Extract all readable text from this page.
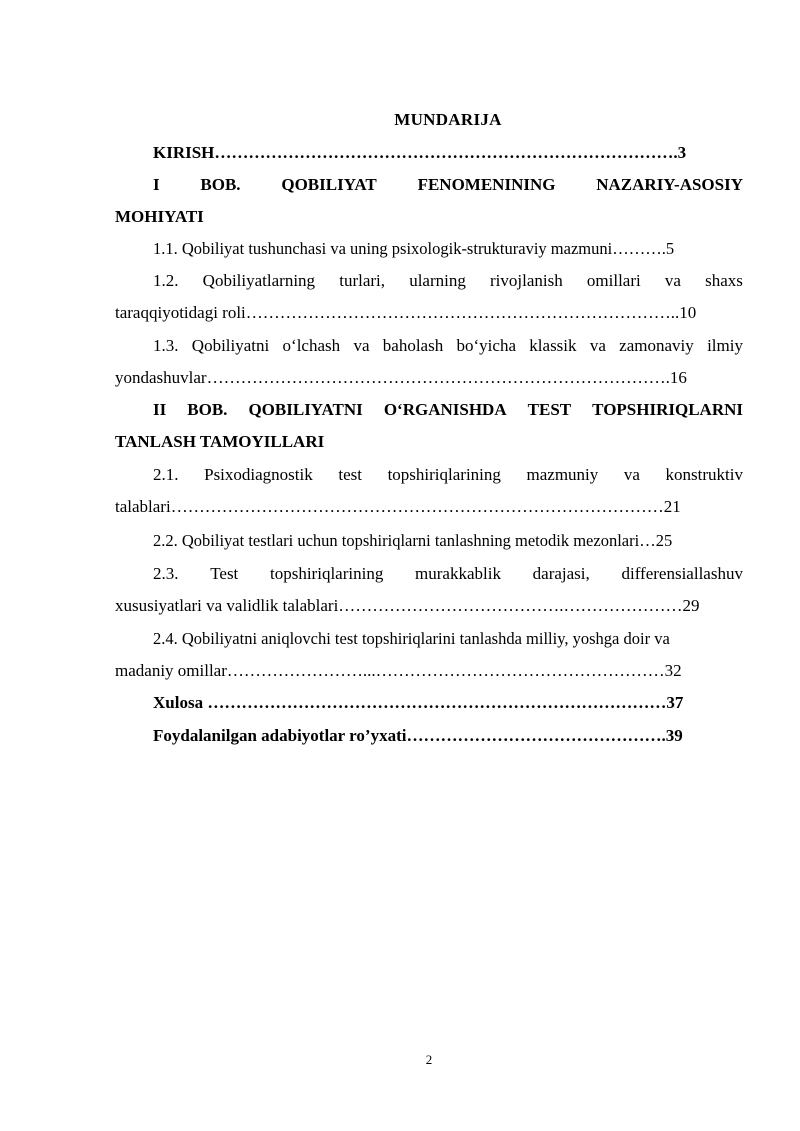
MUNDARIJA
KIRISH……………………………………………………………………….3
I BOB. QOBILIYAT FENOMENINING NAZARIY-ASOSIY
MOHIYATI
1.1. Qobiliyat tushunchasi va uning psixologik-strukturaviy mazmuni……….5
1.2. Qobiliyatlarning turlari, ularning rivojlanish omillari va shaxs
taraqqiyotidagi roli…………………………………………………………………..10
1.3. Qobiliyatni o‘lchash va baholash bo‘yicha klassik va zamonaviy ilmiy
yondashuvlar……………………………………………………………………….16
II BOB. QOBILIYATNI O‘RGANISHDA TEST TOPSHIRIQLARNI
TANLASH TAMOYILLARI
2.1. Psixodiagnostik test topshiriqlarining mazmuniy va konstruktiv
talablari……………………………………………………………………………21
2.2. Qobiliyat testlari uchun topshiriqlarni tanlashning metodik mezonlari…25
2.3. Test topshiriqlarining murakkablik darajasi, differensiallashuv
xususiyatlari va validlik talablari………………………………….…………………29
2.4. Qobiliyatni aniqlovchi test topshiriqlarini tanlashda milliy, yoshga doir va
madaniy omillar……………………...……………………………………………32
Xulosa ………………………………………………………………………37
Foydalanilgan adabiyotlar ro’yxati……………………………………….39
2
